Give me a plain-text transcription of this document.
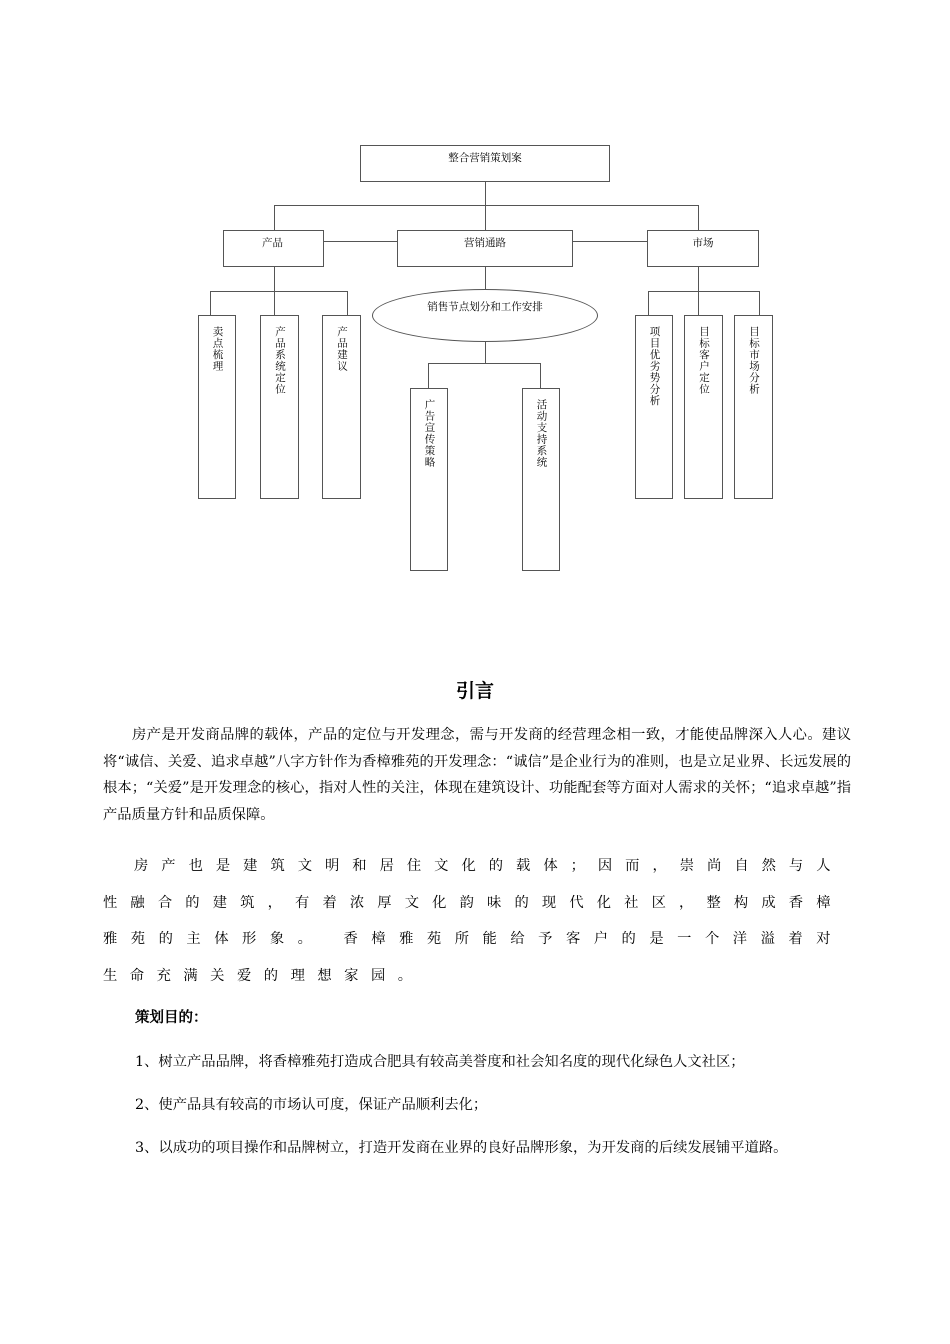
整合营销策划案
产品	营销通路	市场
销售节点划分和工作安排
卖点梳理	产品系统定位	产品建议
广告宣传策略	活动支持系统
项目优劣势分析	目标客户定位	目标市场分析
引言
房产是开发商品牌的载体，产品的定位与开发理念，需与开发商的经营理念相一致，才能使品牌深入人心。建议将“诚信、关爱、追求卓越”八字方针作为香樟雅苑的开发理念：“诚信”是企业行为的准则，也是立足业界、长远发展的根本；“关爱”是开发理念的核心，指对人性的关注，体现在建筑设计、功能配套等方面对人需求的关怀；“追求卓越”指产品质量方针和品质保障。
房产也是建筑文明和居住文化的载体；因而，崇尚自然与人性融合的建筑，有着浓厚文化韵味的现代化社区，整构成香樟雅苑的主体形象。 香樟雅苑所能给予客户的是一个洋溢着对生命充满关爱的理想家园。
策划目的：
1、树立产品品牌，将香樟雅苑打造成合肥具有较高美誉度和社会知名度的现代化绿色人文社区；
2、使产品具有较高的市场认可度，保证产品顺利去化；
3、以成功的项目操作和品牌树立，打造开发商在业界的良好品牌形象，为开发商的后续发展铺平道路。
